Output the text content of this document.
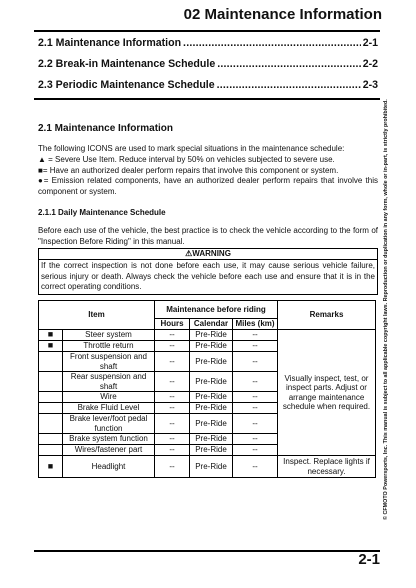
02 Maintenance Information
2.1 Maintenance Information .....	2-1
2.2 Break-in Maintenance Schedule .....	2-2
2.3 Periodic Maintenance Schedule .....	2-3
2.1 Maintenance Information
The following ICONS are used to mark special situations in the maintenance schedule:
▲ = Severe Use Item. Reduce interval by 50% on vehicles subjected to severe use.
■= Have an authorized dealer perform repairs that involve this component or system.
●= Emission related components, have an authorized dealer perform repairs that involve this component or system.
2.1.1 Daily Maintenance Schedule
Before each use of the vehicle, the best practice is to check the vehicle according to the form of "Inspection Before Riding" in this manual.
⚠WARNING
If the correct inspection is not done before each use, it may cause serious vehicle failure, serious injury or death. Always check the vehicle before each use and ensure that it is in the correct operating conditions.
Item		Maintenance before riding			Remarks
		Hours	Calendar	Miles (km)	
■	Steer system	--	Pre-Ride	--	Visually inspect, test, or inspect parts. Adjust or arrange maintenance schedule when required.
■	Throttle return	--	Pre-Ride	--	
	Front suspension and shaft	--	Pre-Ride	--	
	Rear suspension and shaft	--	Pre-Ride	--	
	Wire	--	Pre-Ride	--	
	Brake Fluid Level	--	Pre-Ride	--	
	Brake lever/foot pedal function	--	Pre-Ride	--	
	Brake system function	--	Pre-Ride	--	
	Wires/fastener part	--	Pre-Ride	--	
■	Headlight	--	Pre-Ride	--	Inspect. Replace lights if necessary.
2-1
© CFMOTO Powersports, Inc. This manual is subject to all applicable copyright laws. Reproduction or duplication in any form, whole or in-part, is strictly prohibited.
